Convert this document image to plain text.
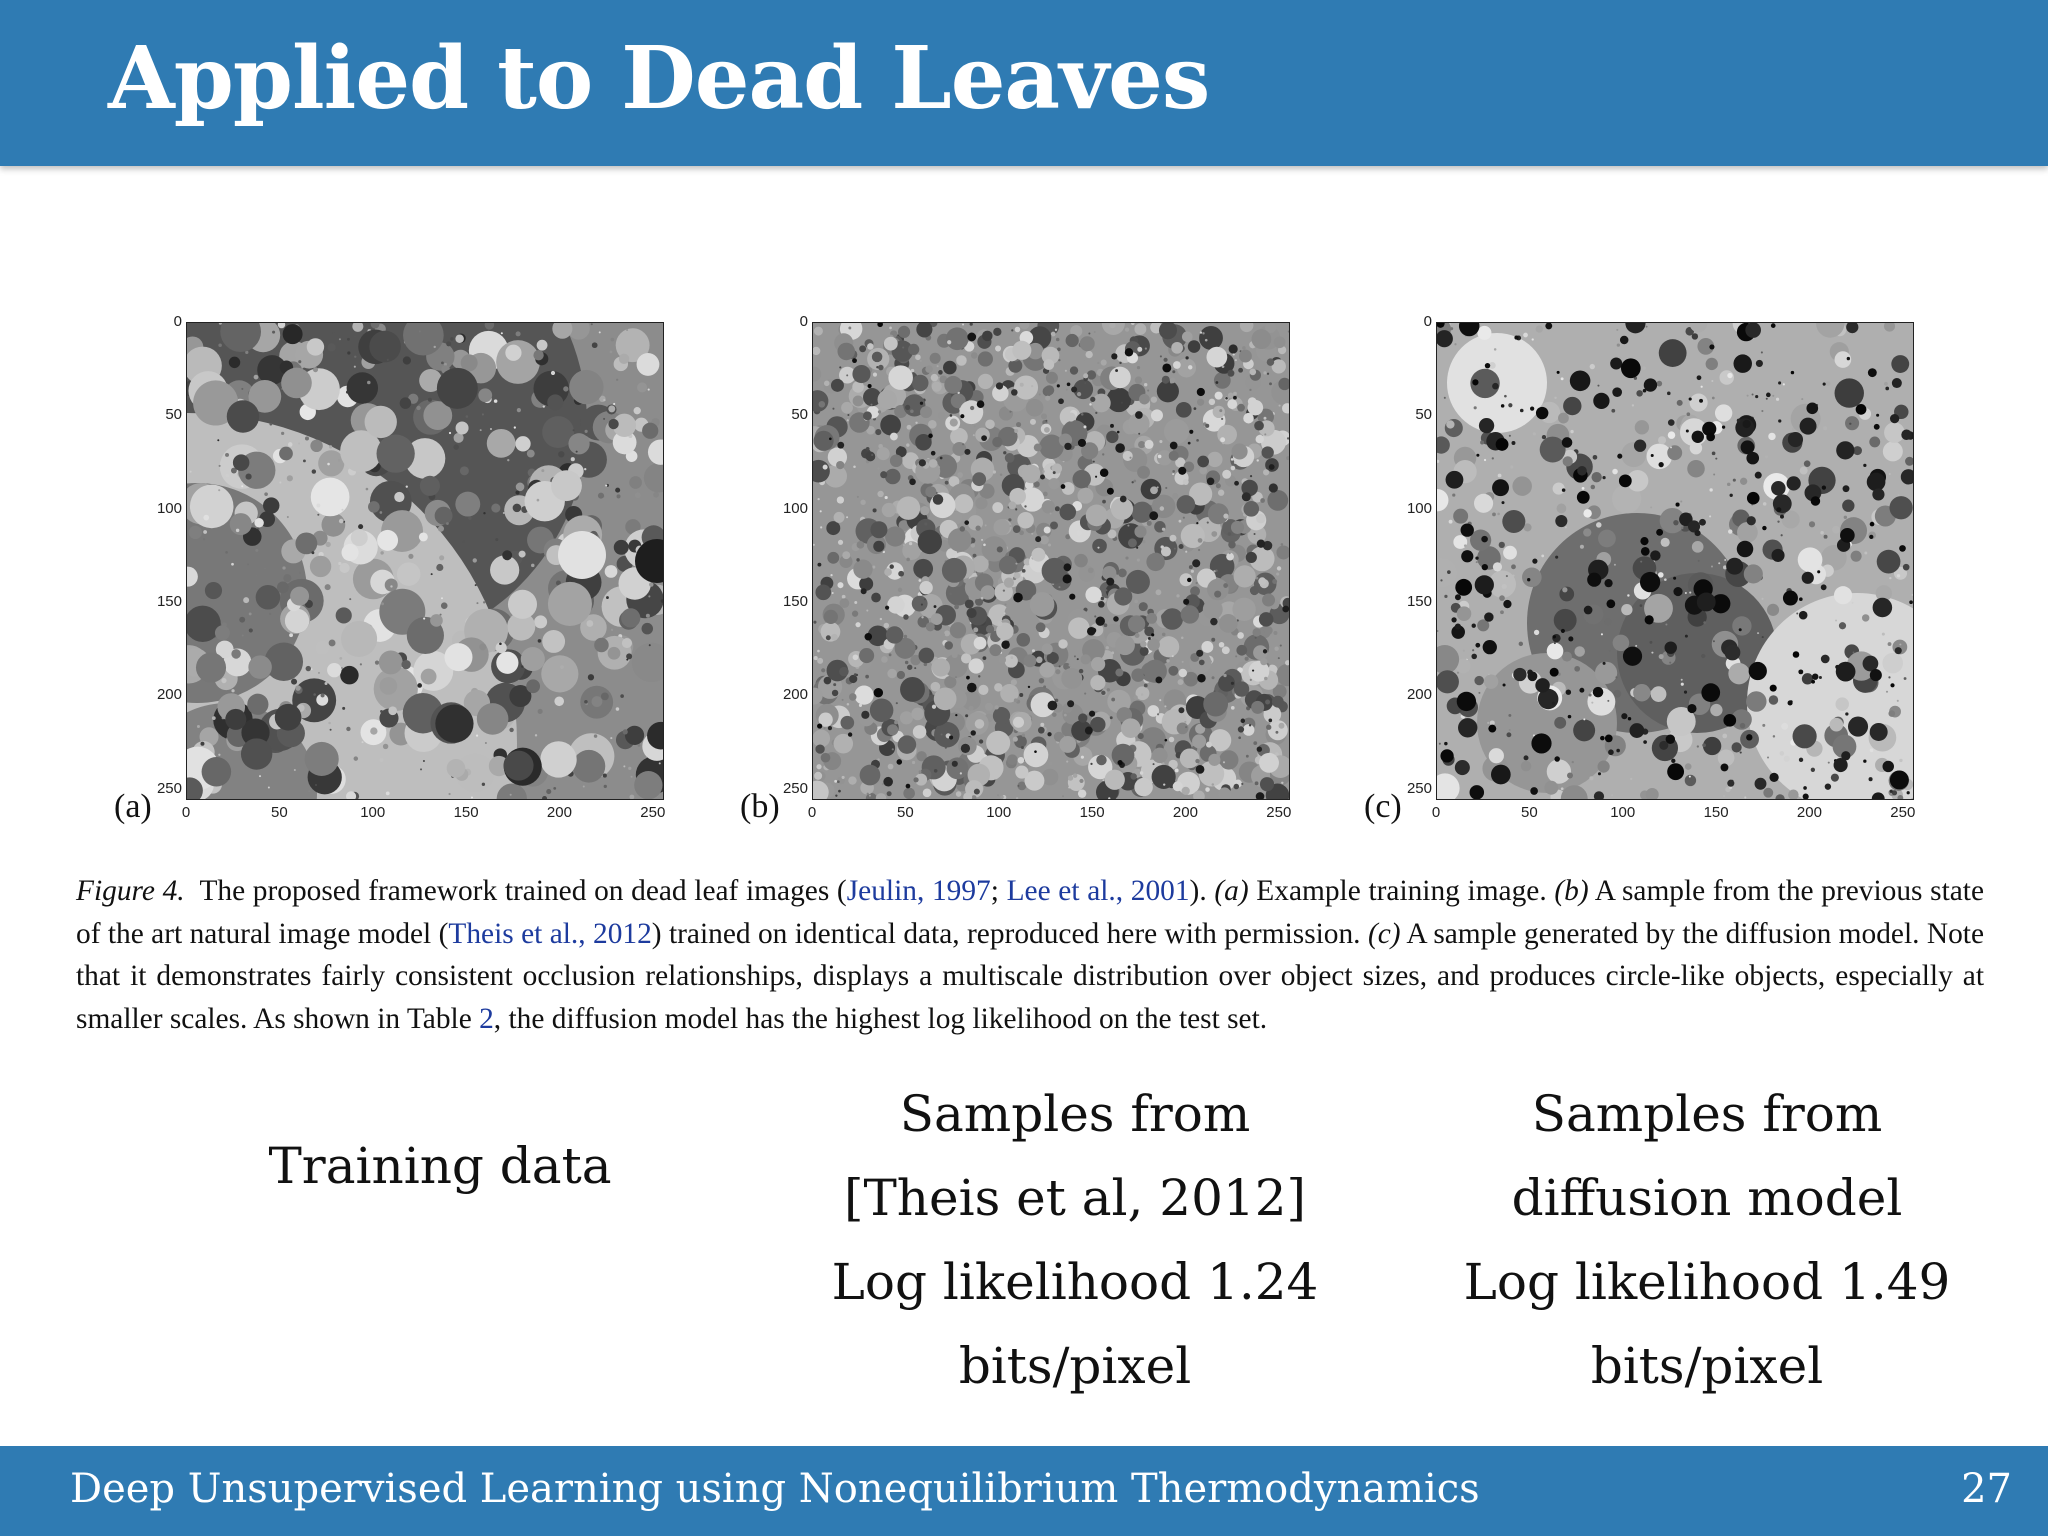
Applied to Dead Leaves
(a)
0
50
100
150
200
250
0	50	100	150	200	250 (b)
0
50
100
150
200
250
0	50	100	150	200	250 (c)
0
50
100
150
200
250
0	50	100	150	200	250
Figure 4. The proposed framework trained on dead leaf images (Jeulin, 1997; Lee et al., 2001). (a) Example training image. (b) A sample from the previous state of the art natural image model (Theis et al., 2012) trained on identical data, reproduced here with permission. (c) A sample generated by the diffusion model. Note that it demonstrates fairly consistent occlusion relationships, displays a multiscale distribution over object sizes, and produces circle-like objects, especially at smaller scales. As shown in Table 2, the diffusion model has the highest log likelihood on the test set.
Training data
Samples from
[Theis et al, 2012]
Log likelihood 1.24
bits/pixel
Samples from
diffusion model
Log likelihood 1.49
bits/pixel
Deep Unsupervised Learning using Nonequilibrium Thermodynamics	27
